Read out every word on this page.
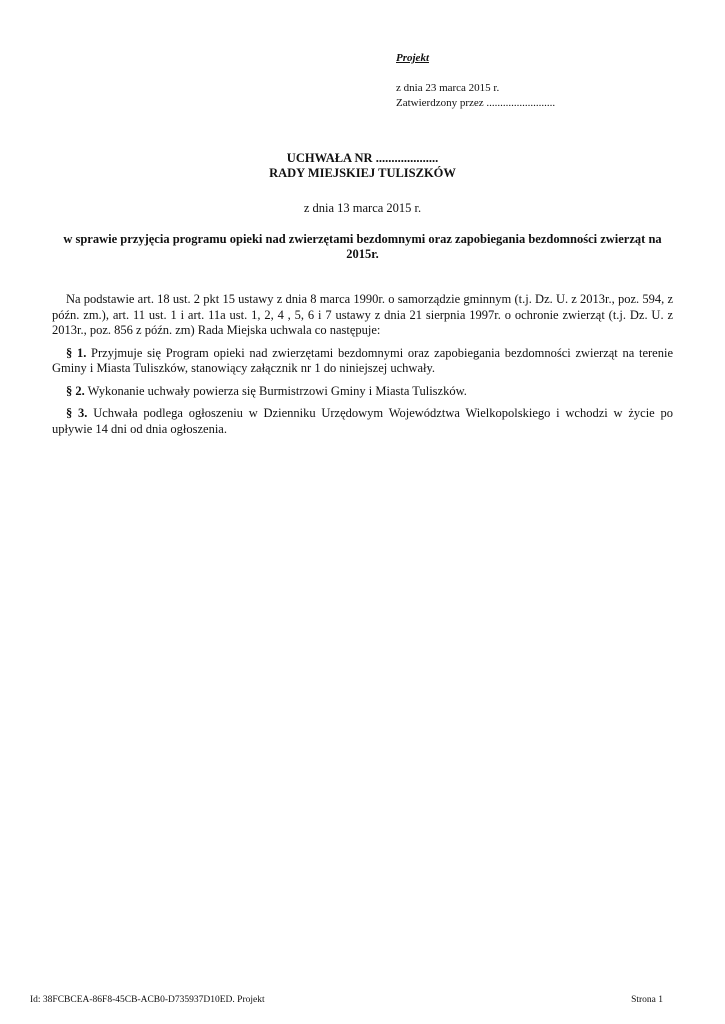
Projekt
z dnia 23 marca 2015 r.
Zatwierdzony przez .........................
UCHWAŁA NR ....................
RADY MIEJSKIEJ TULISZKÓW
z dnia 13 marca 2015 r.
w sprawie przyjęcia programu opieki nad zwierzętami bezdomnymi oraz zapobiegania bezdomności zwierząt na 2015r.

Na podstawie art. 18 ust. 2 pkt 15 ustawy z dnia 8 marca 1990r. o samorządzie gminnym (t.j. Dz. U. z 2013r., poz. 594, z późn. zm.), art. 11 ust. 1 i art. 11a ust. 1, 2, 4 , 5, 6 i 7 ustawy z dnia 21 sierpnia 1997r. o ochronie zwierząt (t.j. Dz. U. z 2013r., poz. 856 z późn. zm) Rada Miejska uchwala co następuje:

§ 1. Przyjmuje się Program opieki nad zwierzętami bezdomnymi oraz zapobiegania bezdomności zwierząt na terenie Gminy i Miasta Tuliszków, stanowiący załącznik nr 1 do niniejszej uchwały.

§ 2. Wykonanie uchwały powierza się Burmistrzowi Gminy i Miasta Tuliszków.

§ 3. Uchwała podlega ogłoszeniu w Dzienniku Urzędowym Województwa Wielkopolskiego i wchodzi w życie po upływie 14 dni od dnia ogłoszenia.

Id: 38FCBCEA-86F8-45CB-ACB0-D735937D10ED. Projekt	Strona 1
